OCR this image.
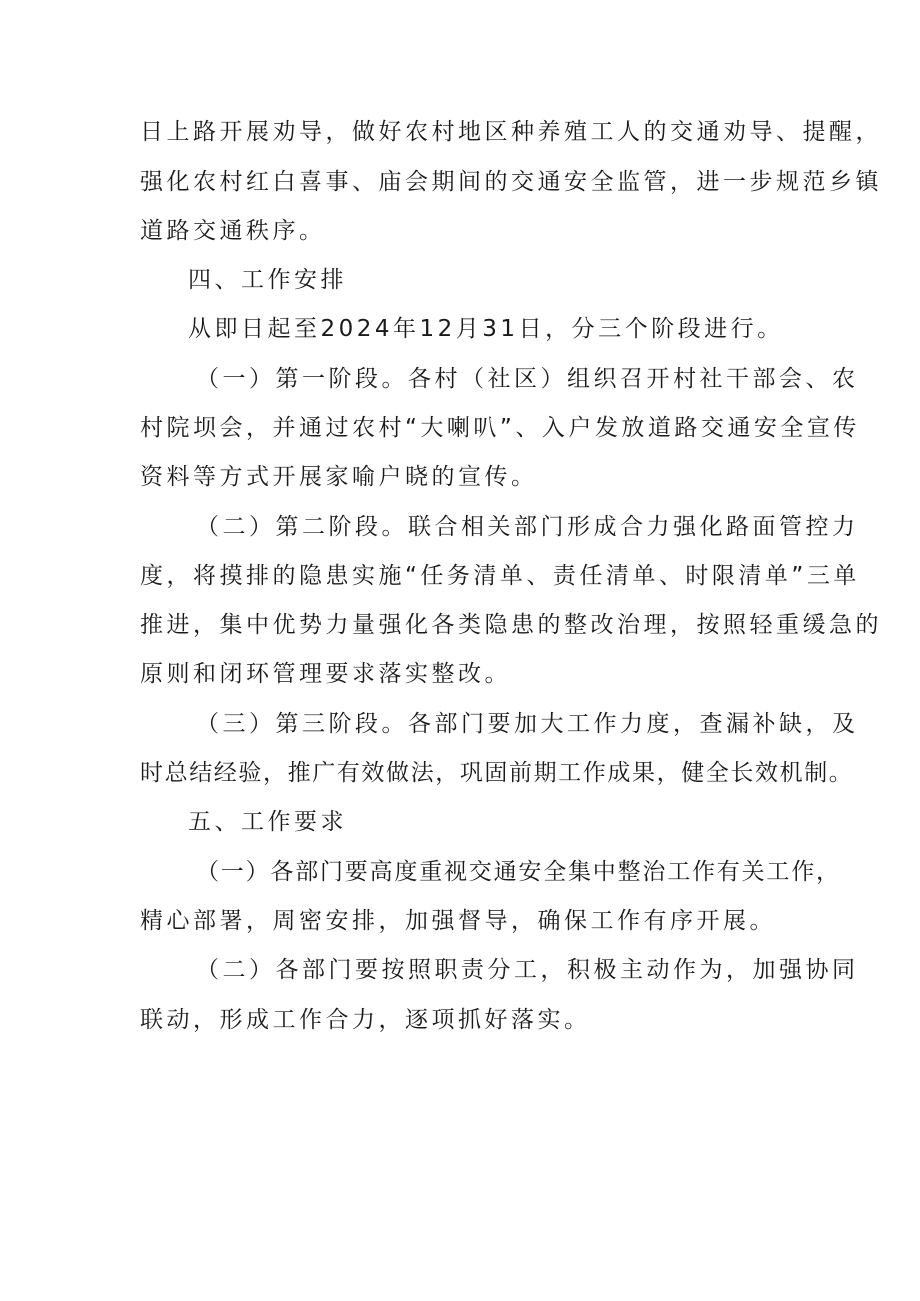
日上路开展劝导，做好农村地区种养殖工人的交通劝导、提醒，
强化农村红白喜事、庙会期间的交通安全监管，进一步规范乡镇
道路交通秩序。
四、工作安排
从即日起至2024年12月31日，分三个阶段进行。
（一）第一阶段。各村（社区）组织召开村社干部会、农
村院坝会，并通过农村“大喇叭”、入户发放道路交通安全宣传
资料等方式开展家喻户晓的宣传。
（二）第二阶段。联合相关部门形成合力强化路面管控力
度，将摸排的隐患实施“任务清单、责任清单、时限清单”三单
推进，集中优势力量强化各类隐患的整改治理，按照轻重缓急的
原则和闭环管理要求落实整改。
（三）第三阶段。各部门要加大工作力度，查漏补缺，及
时总结经验，推广有效做法，巩固前期工作成果，健全长效机制。
五、工作要求
（一）各部门要高度重视交通安全集中整治工作有关工作，
精心部署，周密安排，加强督导，确保工作有序开展。
（二）各部门要按照职责分工，积极主动作为，加强协同
联动，形成工作合力，逐项抓好落实。
